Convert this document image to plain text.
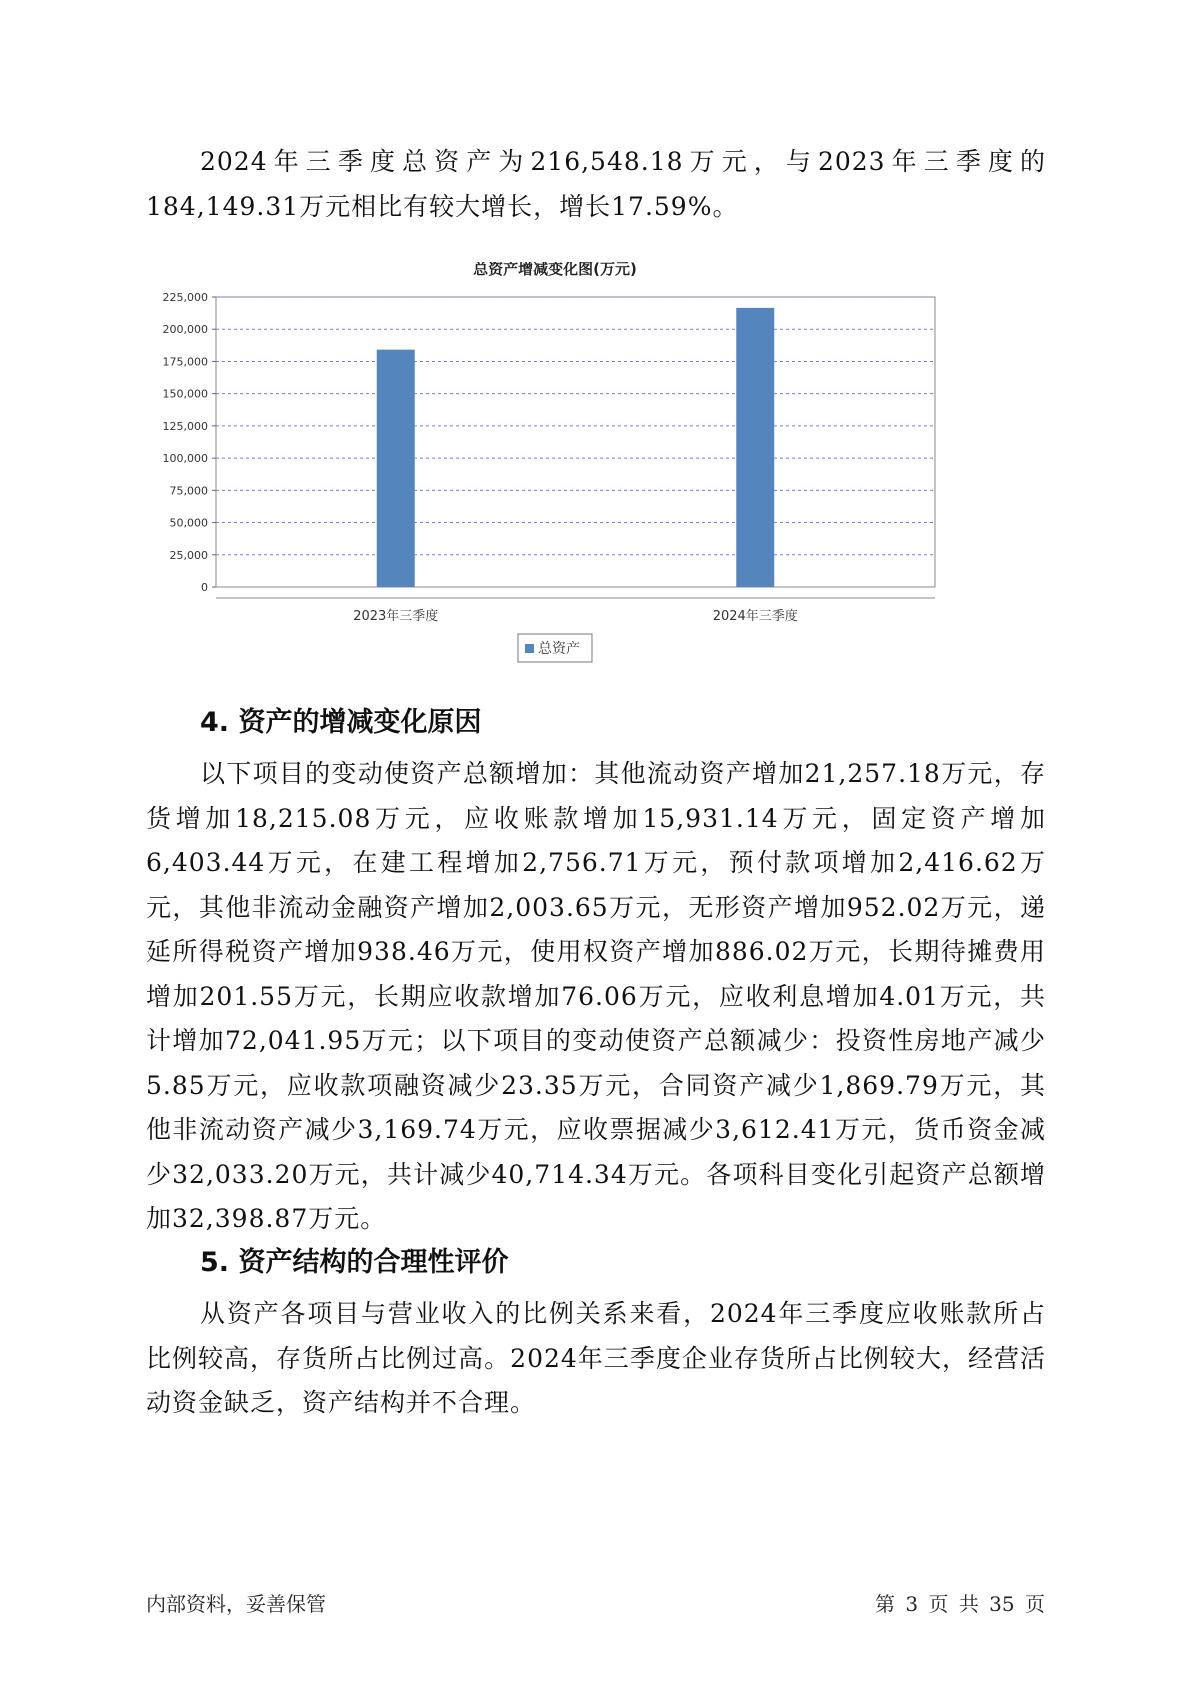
2024年三季度总资产为216,548.18万元，与2023年三季度的184,149.31万元相比有较大增长，增长17.59%。

总资产增减变化图(万元)
0
25,000
50,000
75,000
100,000
125,000
150,000
175,000
200,000
225,000
2023年三季度	2024年三季度
总资产
4. 资产的增减变化原因

以下项目的变动使资产总额增加：其他流动资产增加21,257.18万元，存货增加18,215.08万元，应收账款增加15,931.14万元，固定资产增加6,403.44万元，在建工程增加2,756.71万元，预付款项增加2,416.62万元，其他非流动金融资产增加2,003.65万元，无形资产增加952.02万元，递延所得税资产增加938.46万元，使用权资产增加886.02万元，长期待摊费用增加201.55万元，长期应收款增加76.06万元，应收利息增加4.01万元，共计增加72,041.95万元；以下项目的变动使资产总额减少：投资性房地产减少5.85万元，应收款项融资减少23.35万元，合同资产减少1,869.79万元，其他非流动资产减少3,169.74万元，应收票据减少3,612.41万元，货币资金减少32,033.20万元，共计减少40,714.34万元。各项科目变化引起资产总额增加32,398.87万元。

5. 资产结构的合理性评价

从资产各项目与营业收入的比例关系来看，2024年三季度应收账款所占比例较高，存货所占比例过高。2024年三季度企业存货所占比例较大，经营活动资金缺乏，资产结构并不合理。

内部资料，妥善保管	第 3 页 共 35 页
